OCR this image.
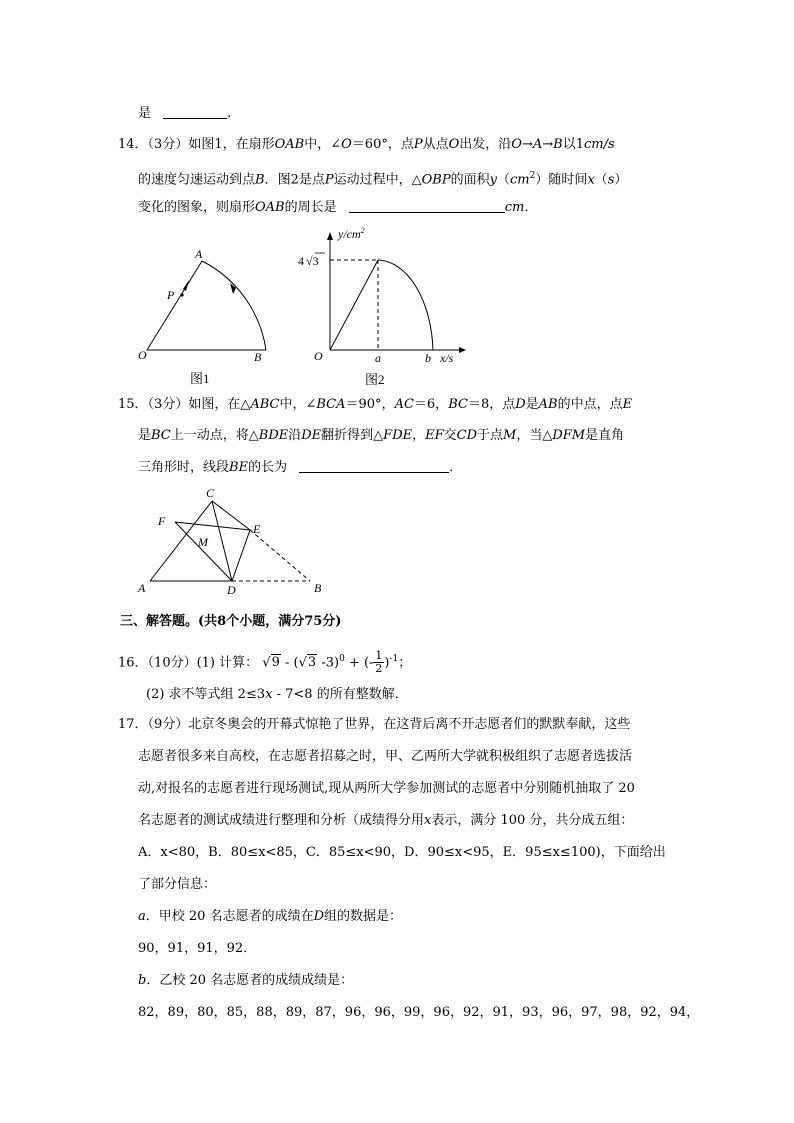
是	.
14．（3分）如图1，在扇形OAB中，∠O＝60°，点P从点O出发，沿O→A→B以1cm/s
的速度匀速运动到点B．图2是点P运动过程中，△OBP的面积$y(cm^2)$随时间x（s）
变化的图象，则扇形OAB的周长是	cm．
A
P
O	B
图1
$y/cm^2$
4 √3
O	a	b x/s
图2
15．（3分）如图，在△ABC中，∠BCA＝90°，AC＝6，BC＝8，点D是AB的中点，点E
是BC上一动点，将△BDE沿DE翻折得到△FDE，EF交CD于点M，当△DFM是直角
三角形时，线段BE的长为	．
C
F
E
M
A	D	B
三、解答题。(共8个小题，满分75分)
16．（10分）(1) 计算： √9 - (√3 -3)$^0$ + (- $\frac{1}{2} )^{-1}$；
(2) 求不等式组 2≤3x - 7<8 的所有整数解．
17．（9分）北京冬奥会的开幕式惊艳了世界，在这背后离不开志愿者们的默默奉献，这些
志愿者很多来自高校，在志愿者招募之时，甲、乙两所大学就积极组织了志愿者选拔活
动,对报名的志愿者进行现场测试,现从两所大学参加测试的志愿者中分别随机抽取了 20
名志愿者的测试成绩进行整理和分析（成绩得分用x表示，满分 100 分，共分成五组：
A．x<80，B．80≤x<85，C．85≤x<90，D．90≤x<95，E．95≤x≤100)，下面给出
了部分信息：
a．甲校 20 名志愿者的成绩在D组的数据是：
90，91，91，92．
b．乙校 20 名志愿者的成绩成绩是：
82，89，80，85，88，89，87，96，96，99，96，92，91，93，96，97，98，92，94，
